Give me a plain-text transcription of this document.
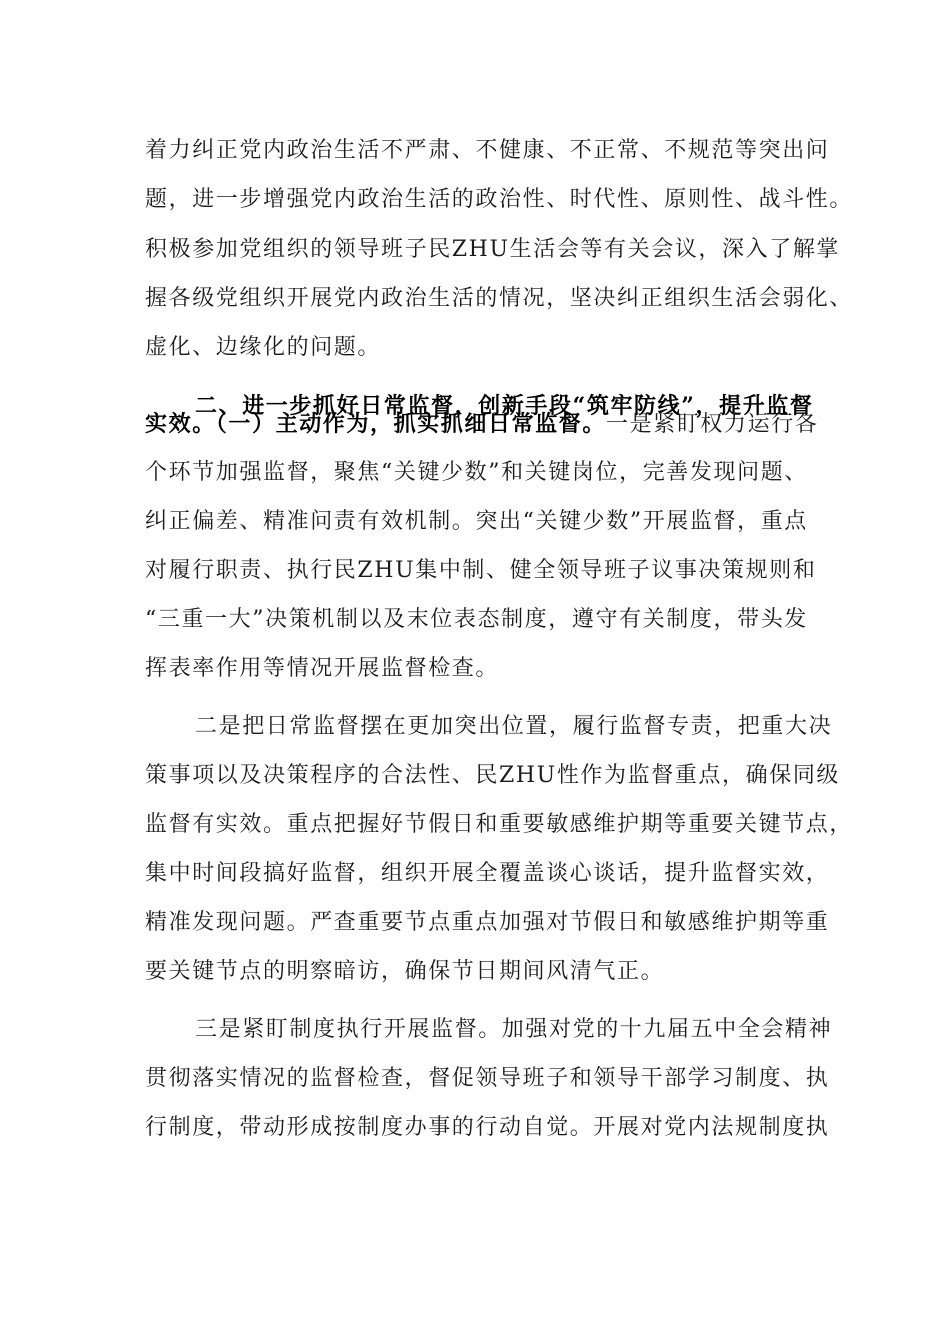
着力纠正党内政治生活不严肃、不健康、不正常、不规范等突出问
题，进一步增强党内政治生活的政治性、时代性、原则性、战斗性。
积极参加党组织的领导班子民ZHU生活会等有关会议，深入了解掌
握各级党组织开展党内政治生活的情况，坚决纠正组织生活会弱化、
虚化、边缘化的问题。
二、进一步抓好日常监督，创新手段“筑牢防线”，提升监督
实效。（一）主动作为，抓实抓细日常监督。一是紧盯权力运行各
个环节加强监督，聚焦“关键少数”和关键岗位，完善发现问题、
纠正偏差、精准问责有效机制。突出“关键少数”开展监督，重点
对履行职责、执行民ZHU集中制、健全领导班子议事决策规则和
“三重一大”决策机制以及末位表态制度，遵守有关制度，带头发
挥表率作用等情况开展监督检查。
二是把日常监督摆在更加突出位置，履行监督专责，把重大决
策事项以及决策程序的合法性、民ZHU性作为监督重点，确保同级
监督有实效。重点把握好节假日和重要敏感维护期等重要关键节点，
集中时间段搞好监督，组织开展全覆盖谈心谈话，提升监督实效，
精准发现问题。严查重要节点重点加强对节假日和敏感维护期等重
要关键节点的明察暗访，确保节日期间风清气正。
三是紧盯制度执行开展监督。加强对党的十九届五中全会精神
贯彻落实情况的监督检查，督促领导班子和领导干部学习制度、执
行制度，带动形成按制度办事的行动自觉。开展对党内法规制度执
